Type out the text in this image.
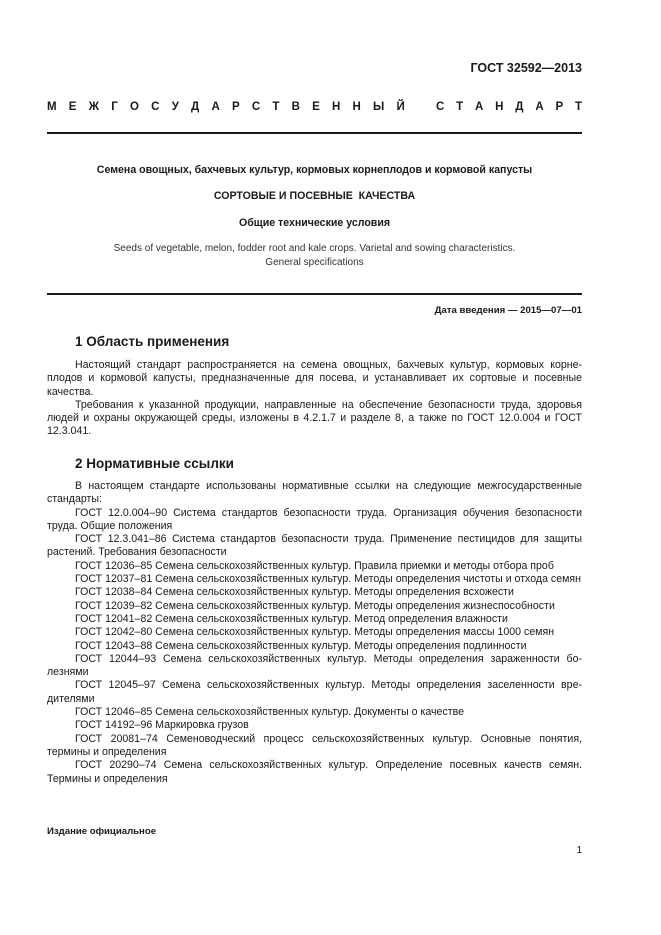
ГОСТ 32592—2013
М Е Ж Г О С У Д А Р С Т В Е Н Н Ы Й	С Т А Н Д А Р Т
Семена овощных, бахчевых культур, кормовых корнеплодов и кормовой капусты
СОРТОВЫЕ И ПОСЕВНЫЕ  КАЧЕСТВА
Общие технические условия
Seeds of vegetable, melon, fodder root and kale crops. Varietal and sowing characteristics.
General specifications
Дата введения — 2015—07—01
1 Область применения

Настоящий стандарт распространяется на семена овощных, бахчевых культур, кормовых корне-плодов и кормовой капусты, предназначенные для посева, и устанавливает их сортовые и посевные качества.

Требования к указанной продукции, направленные на обеспечение безопасности труда, здоровья людей и охраны окружающей среды, изложены в 4.2.1.7 и разделе 8, а также по ГОСТ 12.0.004 и ГОСТ 12.3.041.

2 Нормативные ссылки

В настоящем стандарте использованы нормативные ссылки на следующие межгосударственные стандарты:

ГОСТ 12.0.004–90 Система стандартов безопасности труда. Организация обучения безопасности труда. Общие положения

ГОСТ 12.3.041–86 Система стандартов безопасности труда. Применение пестицидов для защиты растений. Требования безопасности

ГОСТ 12036–85 Семена сельскохозяйственных культур. Правила приемки и методы отбора проб

ГОСТ 12037–81 Семена сельскохозяйственных культур. Методы определения чистоты и отхода семян

ГОСТ 12038–84 Семена сельскохозяйственных культур. Методы определения всхожести

ГОСТ 12039–82 Семена сельскохозяйственных культур. Методы определения жизнеспособности

ГОСТ 12041–82 Семена сельскохозяйственных культур. Метод определения влажности

ГОСТ 12042–80 Семена сельскохозяйственных культур. Методы определения массы 1000 семян

ГОСТ 12043–88 Семена сельскохозяйственных культур. Методы определения подлинности

ГОСТ 12044–93 Семена сельскохозяйственных культур. Методы определения зараженности бо-лезнями

ГОСТ 12045–97 Семена сельскохозяйственных культур. Методы определения заселенности вре-дителями

ГОСТ 12046–85 Семена сельскохозяйственных культур. Документы о качестве

ГОСТ 14192–96 Маркировка грузов

ГОСТ 20081–74 Семеноводческий процесс сельскохозяйственных культур. Основные понятия, термины и определения

ГОСТ 20290–74 Семена сельскохозяйственных культур. Определение посевных качеств семян. Термины и определения

Издание официальное
1
